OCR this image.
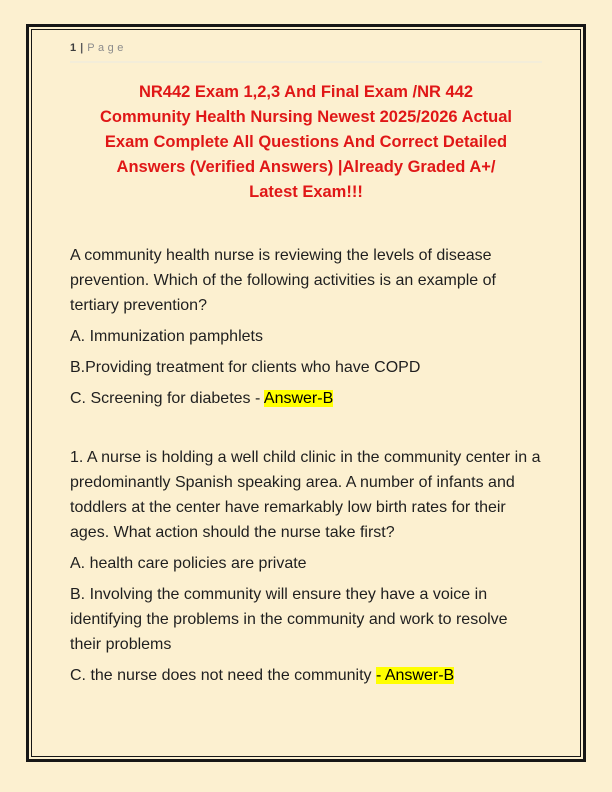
1 | Page
NR442 Exam 1,2,3 And Final Exam /NR 442
Community Health Nursing Newest 2025/2026 Actual
Exam Complete All Questions And Correct Detailed
Answers (Verified Answers) |Already Graded A+/
Latest Exam!!!

A community health nurse is reviewing the levels of disease prevention. Which of the following activities is an example of tertiary prevention?

A. Immunization pamphlets

B.Providing treatment for clients who have COPD

C. Screening for diabetes - Answer-B

1. A nurse is holding a well child clinic in the community center in a predominantly Spanish speaking area. A number of infants and toddlers at the center have remarkably low birth rates for their ages. What action should the nurse take first?

A. health care policies are private

B. Involving the community will ensure they have a voice in identifying the problems in the community and work to resolve their problems

C. the nurse does not need the community - Answer-B
